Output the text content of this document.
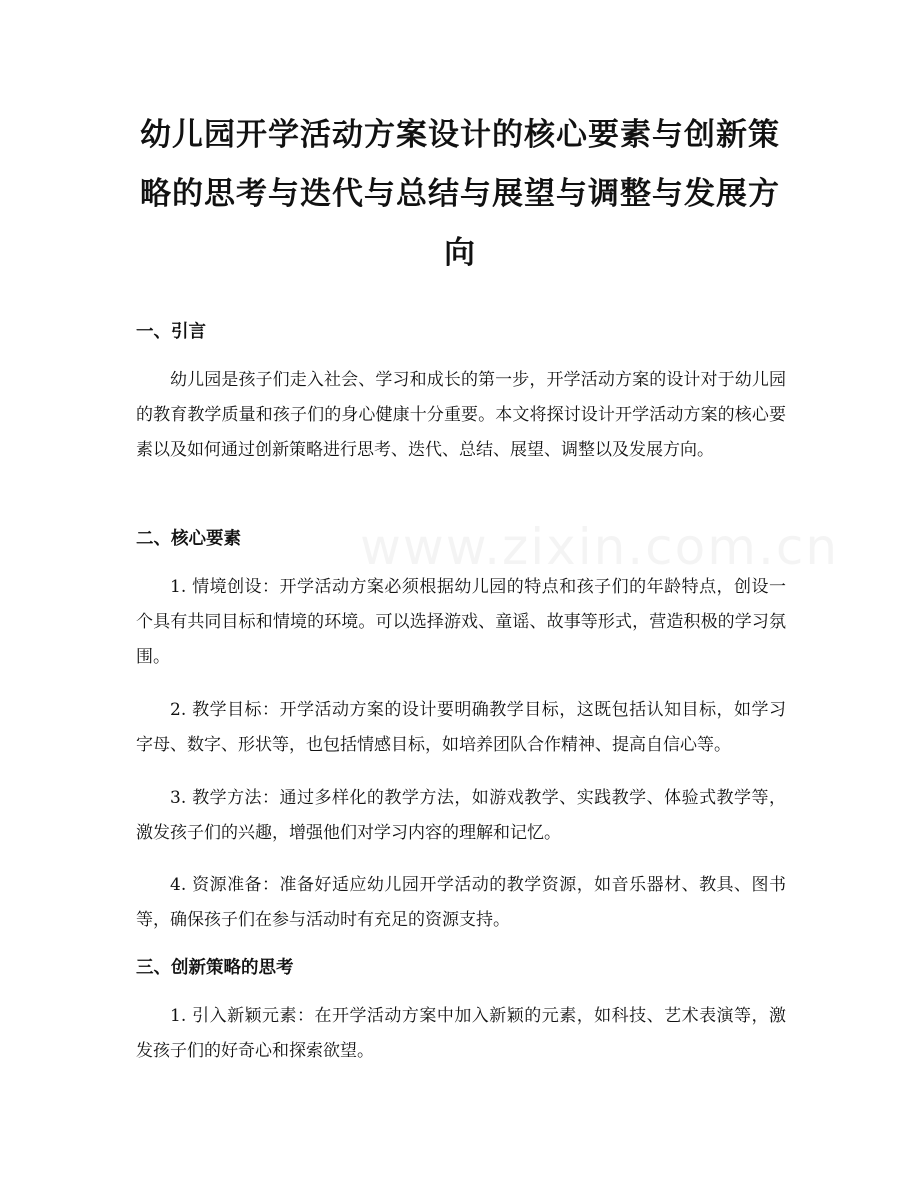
幼儿园开学活动方案设计的核心要素与创新策略的思考与迭代与总结与展望与调整与发展方向
一、引言

幼儿园是孩子们走入社会、学习和成长的第一步，开学活动方案的设计对于幼儿园的教育教学质量和孩子们的身心健康十分重要。本文将探讨设计开学活动方案的核心要素以及如何通过创新策略进行思考、迭代、总结、展望、调整以及发展方向。

二、核心要素

1. 情境创设：开学活动方案必须根据幼儿园的特点和孩子们的年龄特点，创设一个具有共同目标和情境的环境。可以选择游戏、童谣、故事等形式，营造积极的学习氛围。

2. 教学目标：开学活动方案的设计要明确教学目标，这既包括认知目标，如学习字母、数字、形状等，也包括情感目标，如培养团队合作精神、提高自信心等。

3. 教学方法：通过多样化的教学方法，如游戏教学、实践教学、体验式教学等，激发孩子们的兴趣，增强他们对学习内容的理解和记忆。

4. 资源准备：准备好适应幼儿园开学活动的教学资源，如音乐器材、教具、图书等，确保孩子们在参与活动时有充足的资源支持。

三、创新策略的思考

1. 引入新颖元素：在开学活动方案中加入新颖的元素，如科技、艺术表演等，激发孩子们的好奇心和探索欲望。
